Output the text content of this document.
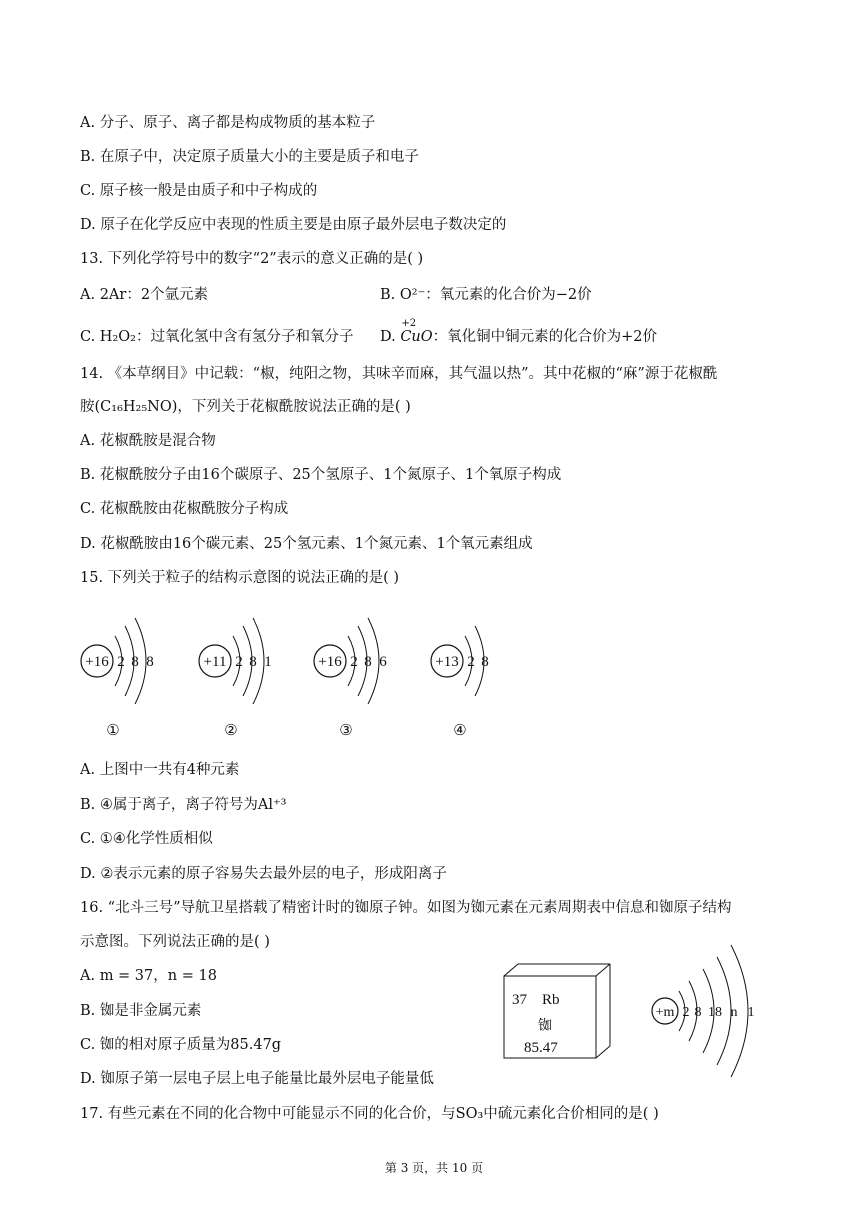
A. 分子、原子、离子都是构成物质的基本粒子
B. 在原子中，决定原子质量大小的主要是质子和电子
C. 原子核一般是由质子和中子构成的
D. 原子在化学反应中表现的性质主要是由原子最外层电子数决定的
13. 下列化学符号中的数字“2”表示的意义正确的是( )
A. 2Ar：2个氩元素	B. O²⁻：氧元素的化合价为−2价
C. H₂O₂：过氧化氢中含有氢分子和氧分子 D.
+2
CuO：氧化铜中铜元素的化合价为+2价
14. 《本草纲目》中记载：“椒，纯阳之物，其味辛而麻，其气温以热”。其中花椒的“麻”源于花椒酰
胺(C₁₆H₂₅NO)，下列关于花椒酰胺说法正确的是( )
A. 花椒酰胺是混合物
B. 花椒酰胺分子由16个碳原子、25个氢原子、1个氮原子、1个氧原子构成
C. 花椒酰胺由花椒酰胺分子构成
D. 花椒酰胺由16个碳元素、25个氢元素、1个氮元素、1个氧元素组成
15. 下列关于粒子的结构示意图的说法正确的是( )
+16 2 8 8
①
+11 2 8 1
②
+16 2 8 6
③
+13 2 8
④
A. 上图中一共有4种元素
B. ④属于离子，离子符号为Al⁺³
C. ①④化学性质相似
D. ②表示元素的原子容易失去最外层的电子，形成阳离子
16. “北斗三号”导航卫星搭载了精密计时的铷原子钟。如图为铷元素在元素周期表中信息和铷原子结构
示意图。下列说法正确的是( )
A. m = 37，n = 18
B. 铷是非金属元素
C. 铷的相对原子质量为85.47g
D. 铷原子第一层电子层上电子能量比最外层电子能量低
37 Rb
铷
85.47
+m 2 8 18 n 1
17. 有些元素在不同的化合物中可能显示不同的化合价，与SO₃中硫元素化合价相同的是( )
第 3 页，共 10 页
